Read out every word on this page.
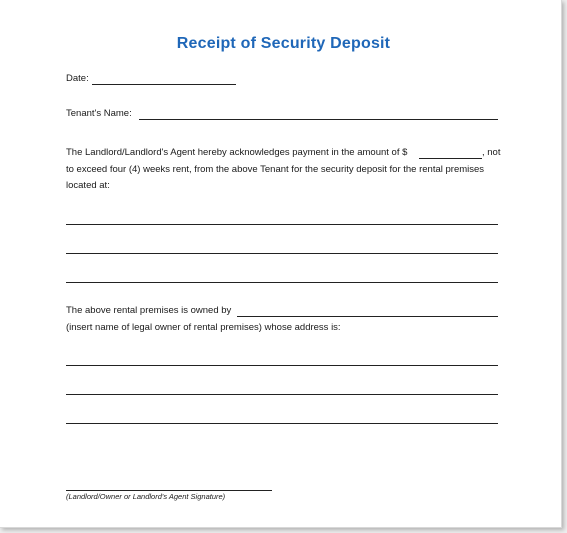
Receipt of Security Deposit
Date:
Tenant's Name:
The Landlord/Landlord's Agent hereby acknowledges payment in the amount of $	, not
to exceed four (4) weeks rent, from the above Tenant for the security deposit for the rental premises
located at:
The above rental premises is owned by
(insert name of legal owner of rental premises) whose address is:
(Landlord/Owner or Landlord's Agent Signature)
